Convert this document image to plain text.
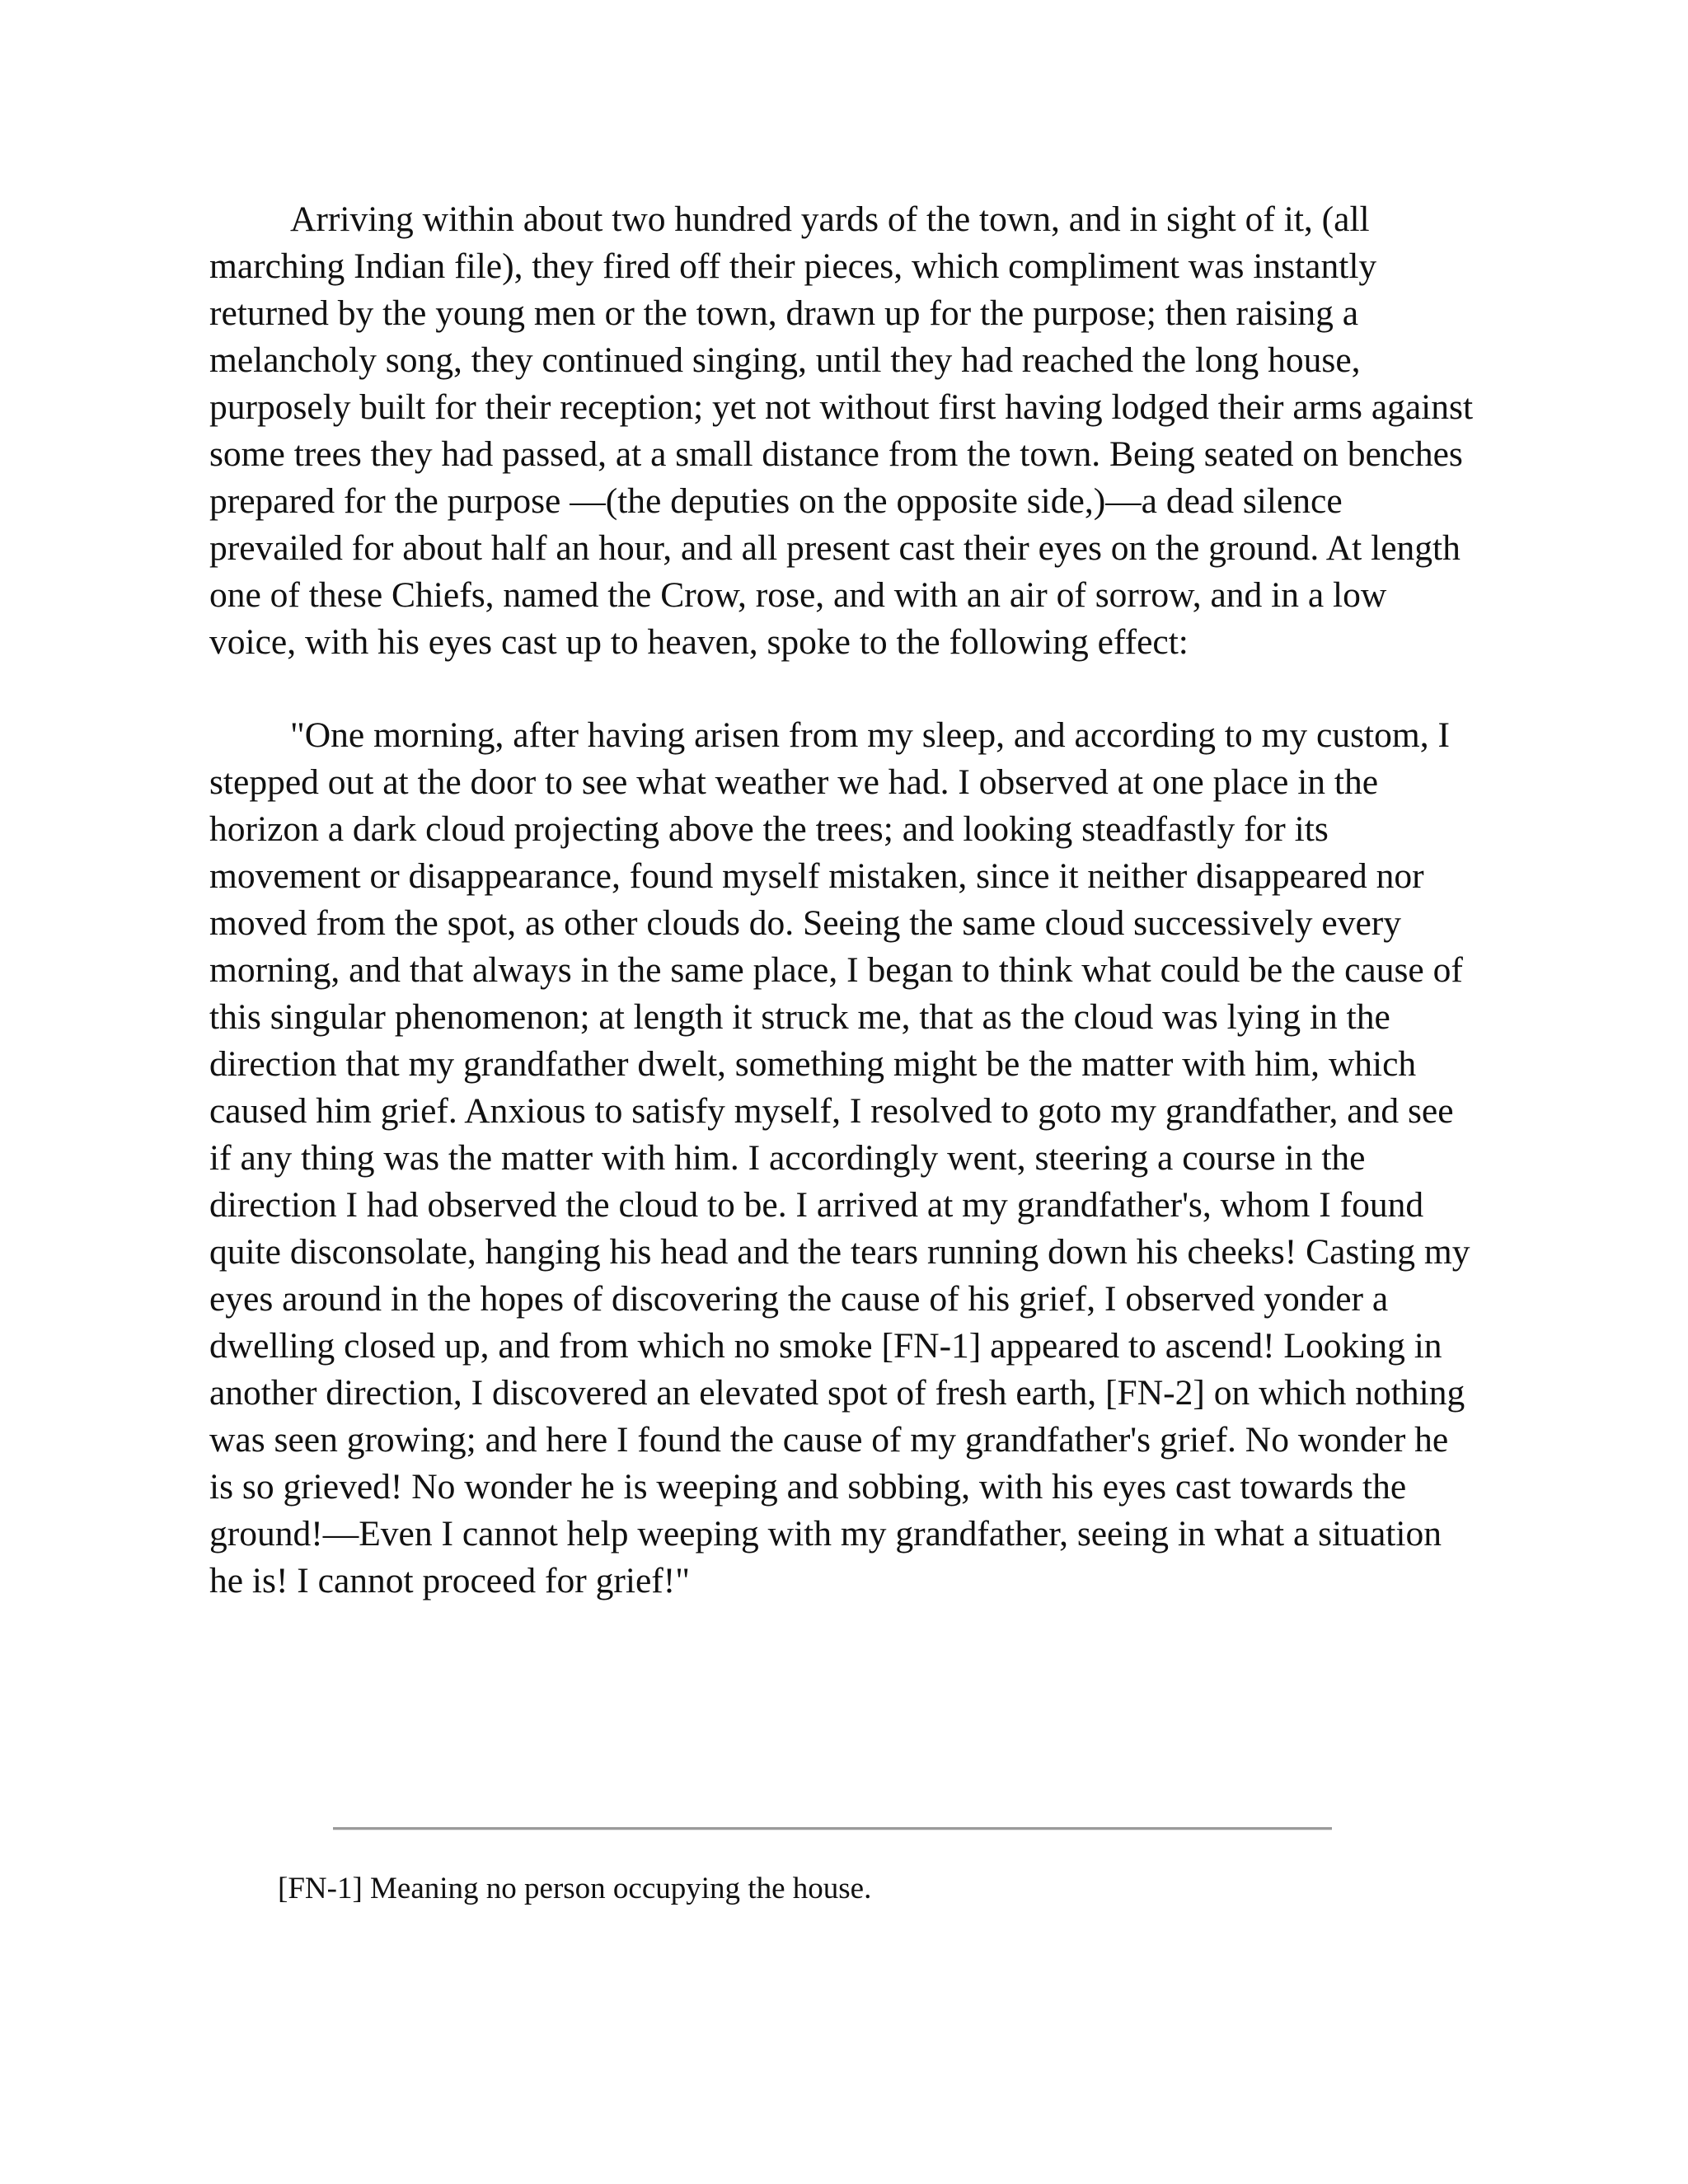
Arriving within about two hundred yards of the town, and in sight of it, (all marching Indian file), they fired off their pieces, which compliment was instantly returned by the young men or the town, drawn up for the purpose; then raising a melancholy song, they continued singing, until they had reached the long house, purposely built for their reception; yet not without first having lodged their arms against some trees they had passed, at a small distance from the town. Being seated on benches prepared for the purpose —(the deputies on the opposite side,)—a dead silence prevailed for about half an hour, and all present cast their eyes on the ground. At length one of these Chiefs, named the Crow, rose, and with an air of sorrow, and in a low voice, with his eyes cast up to heaven, spoke to the following effect:

"One morning, after having arisen from my sleep, and according to my custom, I stepped out at the door to see what weather we had. I observed at one place in the horizon a dark cloud projecting above the trees; and looking steadfastly for its movement or disappearance, found myself mistaken, since it neither disappeared nor moved from the spot, as other clouds do. Seeing the same cloud successively every morning, and that always in the same place, I began to think what could be the cause of this singular phenomenon; at length it struck me, that as the cloud was lying in the direction that my grandfather dwelt, something might be the matter with him, which caused him grief. Anxious to satisfy myself, I resolved to goto my grandfather, and see if any thing was the matter with him. I accordingly went, steering a course in the direction I had observed the cloud to be. I arrived at my grandfather's, whom I found quite disconsolate, hanging his head and the tears running down his cheeks! Casting my eyes around in the hopes of discovering the cause of his grief, I observed yonder a dwelling closed up, and from which no smoke [FN-1] appeared to ascend! Looking in another direction, I discovered an elevated spot of fresh earth, [FN-2] on which nothing was seen growing; and here I found the cause of my grandfather's grief. No wonder he is so grieved! No wonder he is weeping and sobbing, with his eyes cast towards the ground!—Even I cannot help weeping with my grandfather, seeing in what a situation he is! I cannot proceed for grief!"

[FN-1] Meaning no person occupying the house.
